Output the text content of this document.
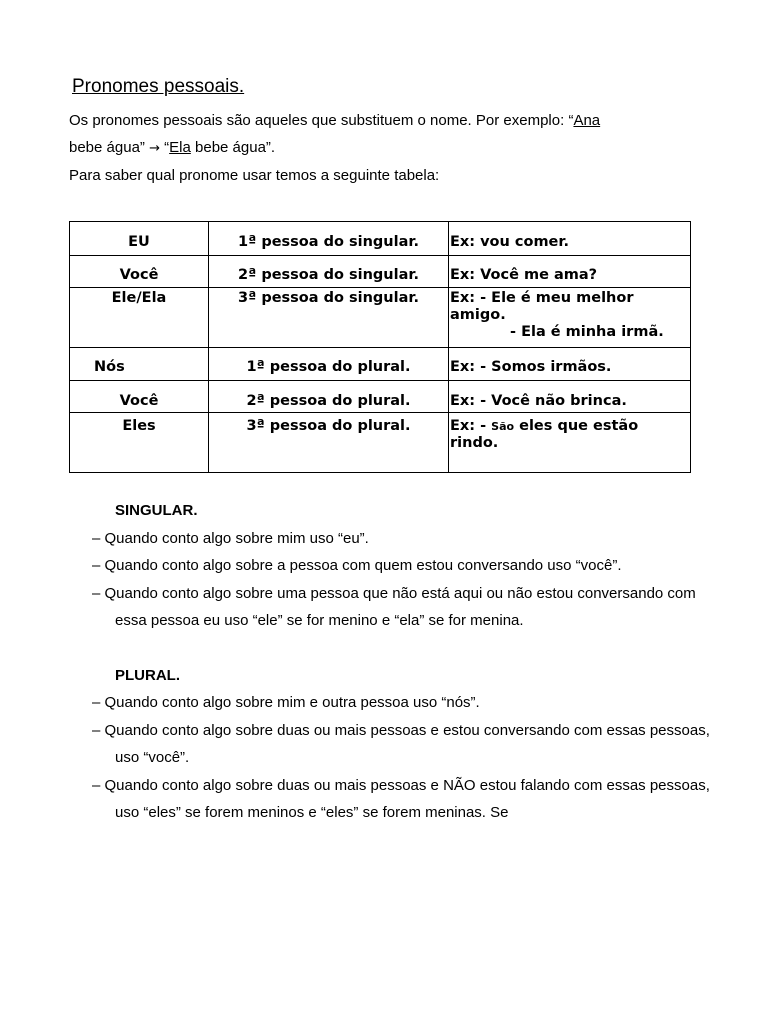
Pronomes pessoais.

Os pronomes pessoais são aqueles que substituem o nome. Por exemplo: “Ana
bebe água” → “Ela bebe água”.

Para saber qual pronome usar temos a seguinte tabela:

EU	1ª pessoa do singular.	Ex: vou comer.

Você	2ª pessoa do singular.	Ex: Você me ama?

Ele/Ela	3ª pessoa do singular.	Ex: - Ele é meu melhor amigo.
- Ela é minha irmã.

Nós	1ª pessoa do plural.	Ex: - Somos irmãos.

Você	2ª pessoa do plural.	Ex: - Você não brinca.

Eles	3ª pessoa do plural.	Ex: - São eles que estão rindo.
SINGULAR.
– Quando conto algo sobre mim uso “eu”.
– Quando conto algo sobre a pessoa com quem estou conversando uso “você”.
– Quando conto algo sobre uma pessoa que não está aqui ou não estou conversando com essa pessoa eu uso “ele” se for menino e “ela” se for menina.
PLURAL.
– Quando conto algo sobre mim e outra pessoa uso “nós”.
– Quando conto algo sobre duas ou mais pessoas e estou conversando com essas pessoas, uso “você”.
– Quando conto algo sobre duas ou mais pessoas e NÃO estou falando com essas pessoas, uso “eles” se forem meninos e “eles” se forem meninas. Se
